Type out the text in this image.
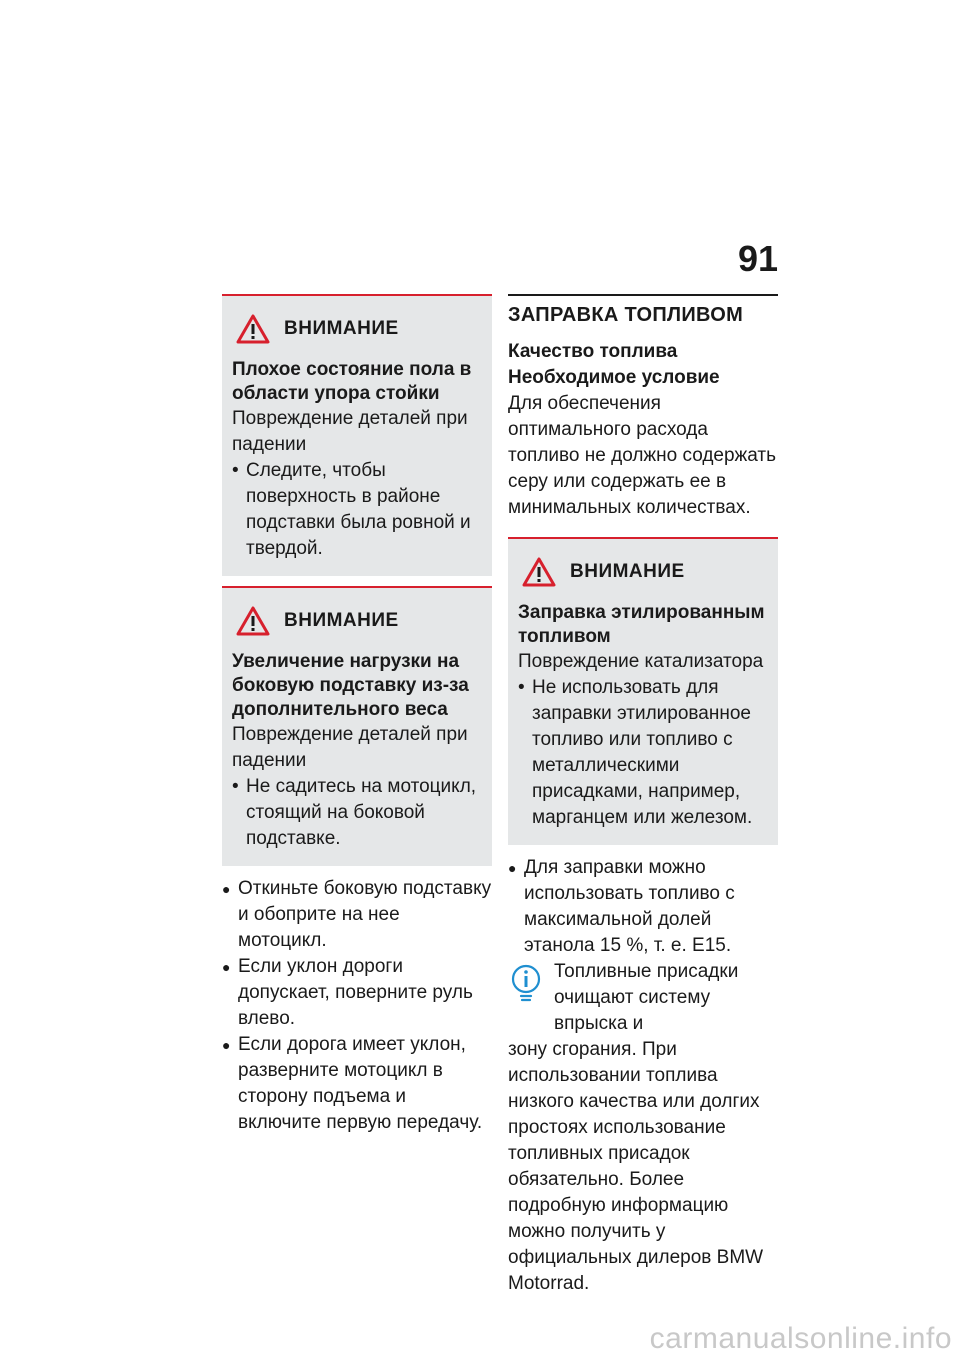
91
ВНИМАНИЕ
Плохое состояние пола в области упора стойки
Повреждение деталей при падении
• Следите, чтобы поверхность в районе подставки была ровной и твердой.
ВНИМАНИЕ
Увеличение нагрузки на боковую подставку из-за дополнительного веса
Повреждение деталей при падении
• Не садитесь на мотоцикл, стоящий на боковой подставке.
● Откиньте боковую подставку и обоприте на нее мотоцикл.
● Если уклон дороги допускает, поверните руль влево.
● Если дорога имеет уклон, разверните мотоцикл в сторону подъема и включите первую передачу.
ЗАПРАВКА ТОПЛИВОМ
Качество топлива
Необходимое условие
Для обеспечения оптимального расхода топливо не должно содержать серу или содержать ее в минимальных количествах.
ВНИМАНИЕ
Заправка этилированным топливом
Повреждение катализатора
• Не использовать для заправки этилированное топливо или топливо с металлическими присадками, например, марганцем или железом.
● Для заправки можно использовать топливо с максимальной долей этанола 15 %, т. е. E15.
Топливные присадки очищают систему впрыска и
зону сгорания. При использовании топлива низкого качества или долгих простоях использование топливных присадок обязательно. Более подробную информацию можно получить у официальных дилеров BMW Motorrad.
carmanualsonline.info
